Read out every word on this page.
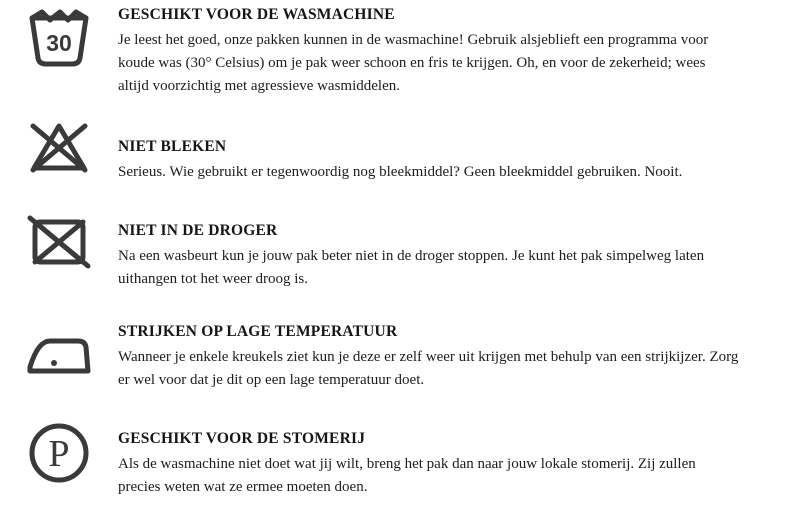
30
GESCHIKT VOOR DE WASMACHINE
Je leest het goed, onze pakken kunnen in de wasmachine! Gebruik alsjeblieft een programma voor koude was (30° Celsius) om je pak weer schoon en fris te krijgen. Oh, en voor de zekerheid; wees altijd voorzichtig met agressieve wasmiddelen.
NIET BLEKEN
Serieus. Wie gebruikt er tegenwoordig nog bleekmiddel? Geen bleekmiddel gebruiken. Nooit.
NIET IN DE DROGER
Na een wasbeurt kun je jouw pak beter niet in de droger stoppen. Je kunt het pak simpelweg laten uithangen tot het weer droog is.
STRIJKEN OP LAGE TEMPERATUUR
Wanneer je enkele kreukels ziet kun je deze er zelf weer uit krijgen met behulp van een strijkijzer. Zorg er wel voor dat je dit op een lage temperatuur doet.
P	GESCHIKT VOOR DE STOMERIJ
Als de wasmachine niet doet wat jij wilt, breng het pak dan naar jouw lokale stomerij. Zij zullen precies weten wat ze ermee moeten doen.
